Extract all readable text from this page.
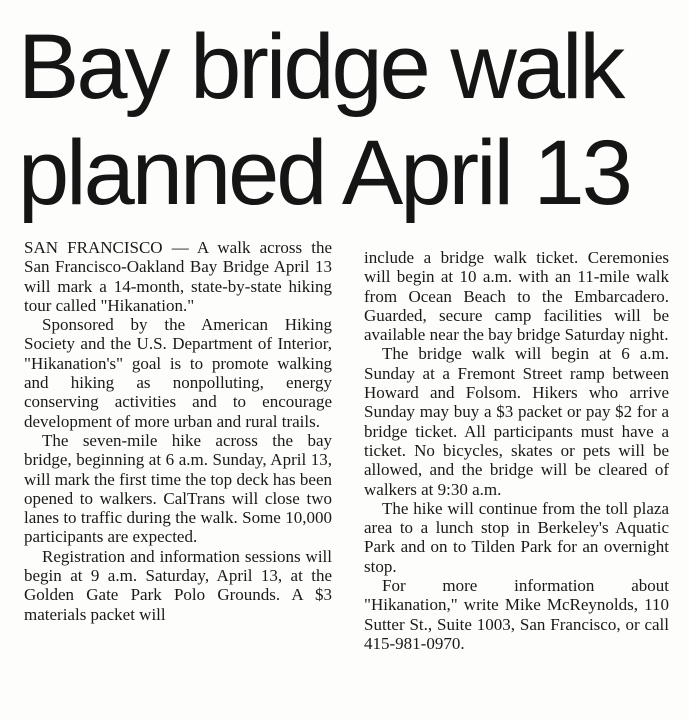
Bay bridge walk
planned April 13

SAN FRANCISCO — A walk across the San Francisco-Oakland Bay Bridge April 13 will mark a 14-month, state-by-state hiking tour called "Hikanation."

Sponsored by the American Hiking Society and the U.S. Department of Interior, "Hikanation's" goal is to promote walking and hiking as nonpolluting, energy conserving activities and to encourage development of more urban and rural trails.

The seven-mile hike across the bay bridge, beginning at 6 a.m. Sunday, April 13, will mark the first time the top deck has been opened to walkers. CalTrans will close two lanes to traffic during the walk. Some 10,000 participants are expected.

Registration and information sessions will begin at 9 a.m. Saturday, April 13, at the Golden Gate Park Polo Grounds. A $3 materials packet will

include a bridge walk ticket. Ceremonies will begin at 10 a.m. with an 11-mile walk from Ocean Beach to the Embarcadero. Guarded, secure camp facilities will be available near the bay bridge Saturday night.

The bridge walk will begin at 6 a.m. Sunday at a Fremont Street ramp between Howard and Folsom. Hikers who arrive Sunday may buy a $3 packet or pay $2 for a bridge ticket. All participants must have a ticket. No bicycles, skates or pets will be allowed, and the bridge will be cleared of walkers at 9:30 a.m.

The hike will continue from the toll plaza area to a lunch stop in Berkeley's Aquatic Park and on to Tilden Park for an overnight stop.

For more information about "Hikanation," write Mike McReynolds, 110 Sutter St., Suite 1003, San Francisco, or call 415-981-0970.
